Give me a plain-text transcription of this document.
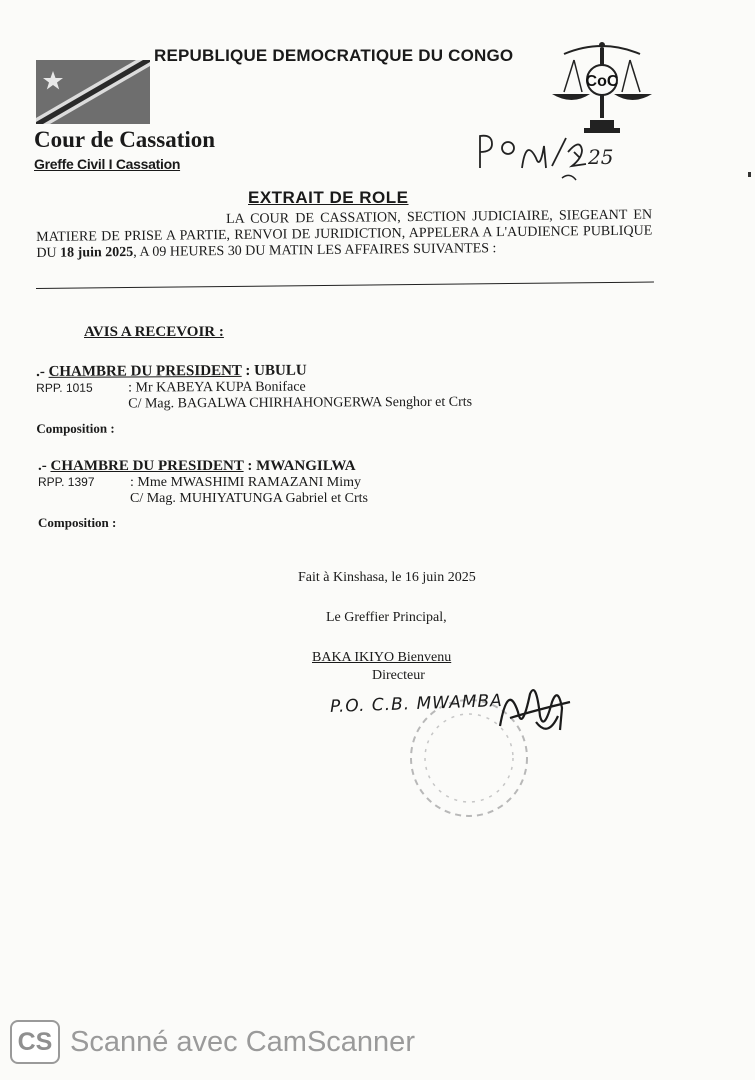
REPUBLIQUE DEMOCRATIQUE DU CONGO
CoC
Cour de Cassation
Greffe Civil I Cassation	25
P.O 17/17/25
EXTRAIT DE ROLE
LA COUR DE CASSATION, SECTION JUDICIAIRE, SIEGEANT EN MATIERE DE PRISE A PARTIE, RENVOI DE JURIDICTION, APPELERA A L'AUDIENCE PUBLIQUE DU 18 juin 2025, A 09 HEURES 30 DU MATIN LES AFFAIRES SUIVANTES :
AVIS A RECEVOIR :
.- CHAMBRE DU PRESIDENT : UBULU
RPP. 1015	: Mr KABEYA KUPA Boniface
C/ Mag. BAGALWA CHIRHAHONGERWA Senghor et Crts
Composition :
.- CHAMBRE DU PRESIDENT : MWANGILWA
RPP. 1397	: Mme MWASHIMI RAMAZANI Mimy
C/ Mag. MUHIYATUNGA Gabriel et Crts
Composition :
Fait à Kinshasa, le 16 juin 2025
Le Greffier Principal,
BAKA IKIYO Bienvenu
Directeur
P.O. C.B. MWAMBA
CS Scanné avec CamScanner
